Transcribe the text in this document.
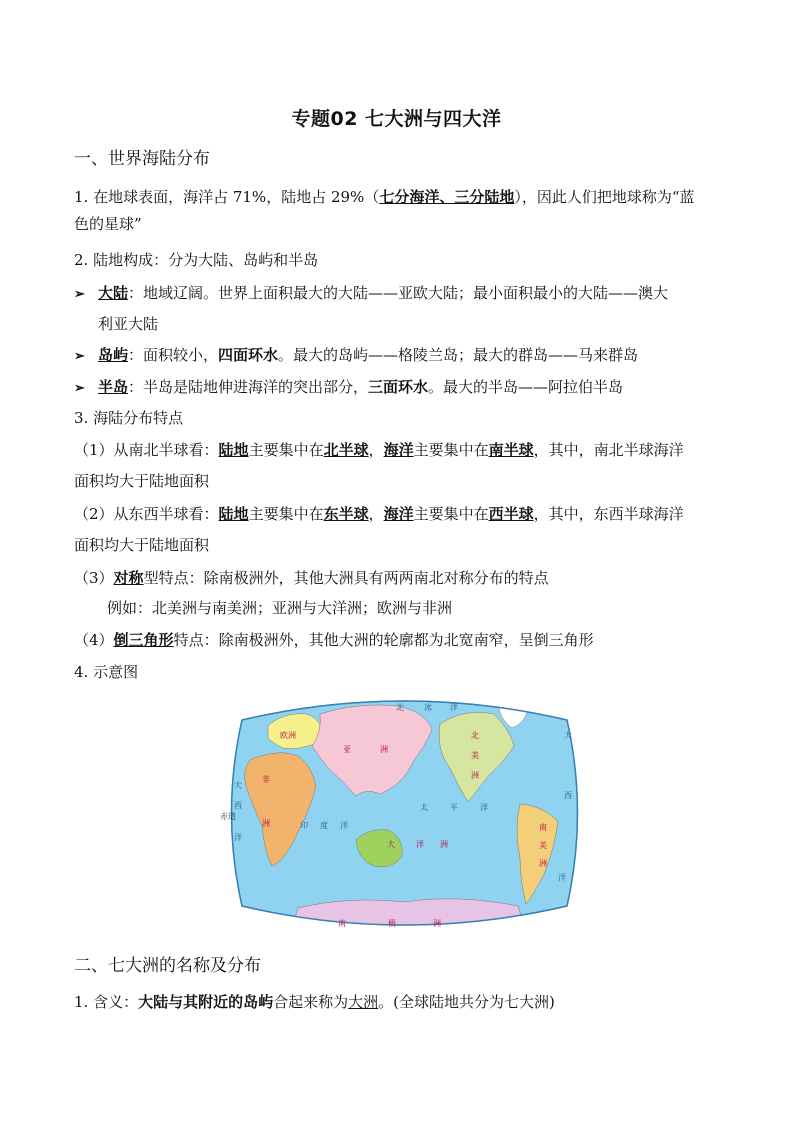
专题02 七大洲与四大洋
一、世界海陆分布
1. 在地球表面，海洋占 71%，陆地占 29%（七分海洋、三分陆地），因此人们把地球称为“蓝
色的星球”
2. 陆地构成：分为大陆、岛屿和半岛
➢ 大陆：地域辽阔。世界上面积最大的大陆——亚欧大陆；最小面积最小的大陆——澳大
利亚大陆
➢ 岛屿：面积较小，四面环水。最大的岛屿——格陵兰岛；最大的群岛——马来群岛
➢ 半岛：半岛是陆地伸进海洋的突出部分，三面环水。最大的半岛——阿拉伯半岛
3. 海陆分布特点
（1）从南北半球看：陆地主要集中在北半球，海洋主要集中在南半球，其中，南北半球海洋
面积均大于陆地面积
（2）从东西半球看：陆地主要集中在东半球，海洋主要集中在西半球，其中，东西半球海洋
面积均大于陆地面积
（3）对称型特点：除南极洲外，其他大洲具有两两南北对称分布的特点
例如：北美洲与南美洲；亚洲与大洋洲；欧洲与非洲
（4）倒三角形特点：除南极洲外，其他大洲的轮廓都为北宽南窄，呈倒三角形
4. 示意图
赤道
欧洲
亚	洲
非
洲
北
美
洲
南
美
洲
大	洋 洲
南	极	洲
北	冰 洋
太	平	洋
印 度 洋
大
西
洋
大
西
洋
二、七大洲的名称及分布
1. 含义：大陆与其附近的岛屿合起来称为大洲。(全球陆地共分为七大洲)
